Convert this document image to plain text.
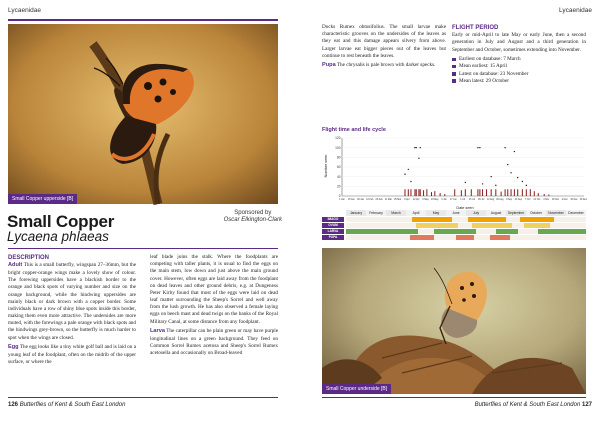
Lycaenidae
Small Copper upperside [B]
Small Copper
Lycaena phlaeas
Sponsored by
Oscar Elkington-Clark
DESCRIPTION

Adult This is a small butterfly, wingspan 27–36mm, but the bright copper-orange wings make a lovely show of colour. The forewing uppersides have a blackish border to the orange and black spots of varying number and size on the orange background, while the hindwing uppersides are mainly black or dark brown with a copper border. Some individuals have a row of shiny blue spots inside this border, making them even more attractive. The undersides are more muted, with the forewings a pale orange with black spots and the hindwings grey-brown, so the butterfly is much harder to spot when the wings are closed.

Egg The egg looks like a tiny white golf ball and is laid on a young leaf of the foodplant, often on the midrib of the upper surface, or where the

leaf blade joins the stalk. Where the foodplants are competing with taller plants, it is usual to find the eggs on the main stem, low down and just above the main ground cover. However, often eggs are laid away from the foodplant on dead leaves and other ground debris, e.g. at Dungeness Peter Kirby found that most of the eggs were laid on dead leaf matter surrounding the Sheep's Sorrel and well away from the lush growth. He has also observed a female laying eggs on beech mast and dead twigs on the banks of the Royal Military Canal, at some distance from any foodplant.

Larva The caterpillar can be plain green or may have purple longitudinal lines on a green background. They feed on Common Sorrel Rumex acetosa and Sheep's Sorrel Rumex acetosella and occasionally on Broad-leaved

126 Butterflies of Kent & South East London
Lycaenidae

Docks Rumex obtusifolius. The small larvae make characteristic grooves on the undersides of the leaves as they eat and this damage appears silvery from above. Larger larvae eat bigger pieces out of the leaves but continue to rest beneath the leaves.

Pupa The chrysalis is pale brown with darker specks.

FLIGHT PERIOD

Early or mid-April to late May or early June, then a second generation in July and August and a third generation in September and October, sometimes extending into November.

Earliest on database: 7 March
Mean earliest: 15 April
Latest on database: 23 November
Mean latest: 29 October
Flight time and life cycle
0
20
40
60
80
100
120
1 Jan	15 Jan	29 Jan 12 Feb 26 Feb 11 Mar 25 Mar 8 Apr 22 Apr 6 May	20 May	3 Jun	17 Jun	1 Jul 15 Jul 29 Jul 12 Aug 26 Aug	9 Sep	23 Sep	7 Oct 21 Oct 4 Nov	18 Nov	2 Dec	16 Dec 30 Dec
Number seen
Date seen
January	February	March	April	May	June	July	August	September	October	November	December
IMAGO
OVUM
LARVA
PUPA
Small Copper underside [B]
Butterflies of Kent & South East London 127
